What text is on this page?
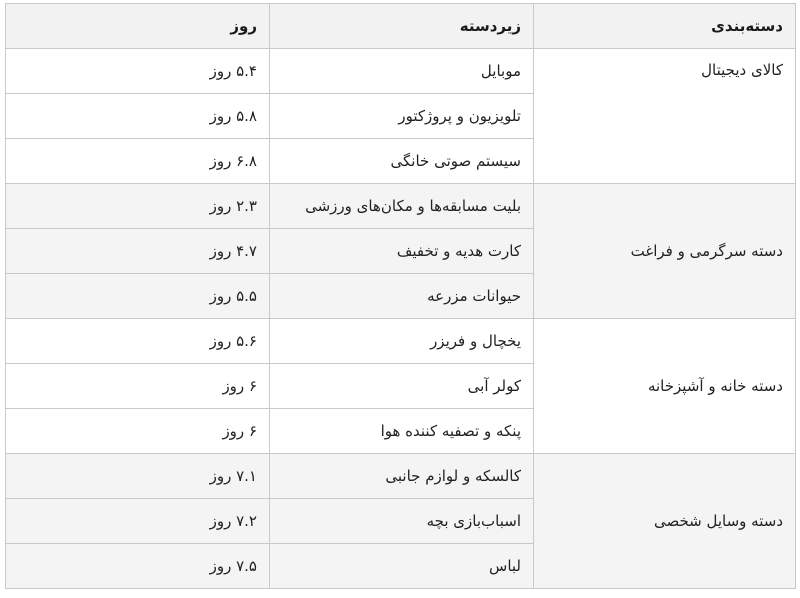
دسته‌بندی	زیردسته	روز
کالای دیجیتال	موبایل	۵.۴ روز
	تلویزیون و پروژکتور	۵.۸ روز
	سیستم صوتی خانگی	۶.۸ روز
دسته سرگرمی و فراغت	بلیت مسابقه‌ها و مکان‌های ورزشی	۲.۳ روز
	کارت هدیه و تخفیف	۴.۷ روز
	حیوانات مزرعه	۵.۵ روز
دسته خانه و آشپزخانه	یخچال و فریزر	۵.۶ روز
	کولر آبی	۶ روز
	پنکه و تصفیه کننده هوا	۶ روز
دسته وسایل شخصی	کالسکه و لوازم جانبی	۷.۱ روز
	اسباب‌بازی بچه	۷.۲ روز
	لباس	۷.۵ روز
